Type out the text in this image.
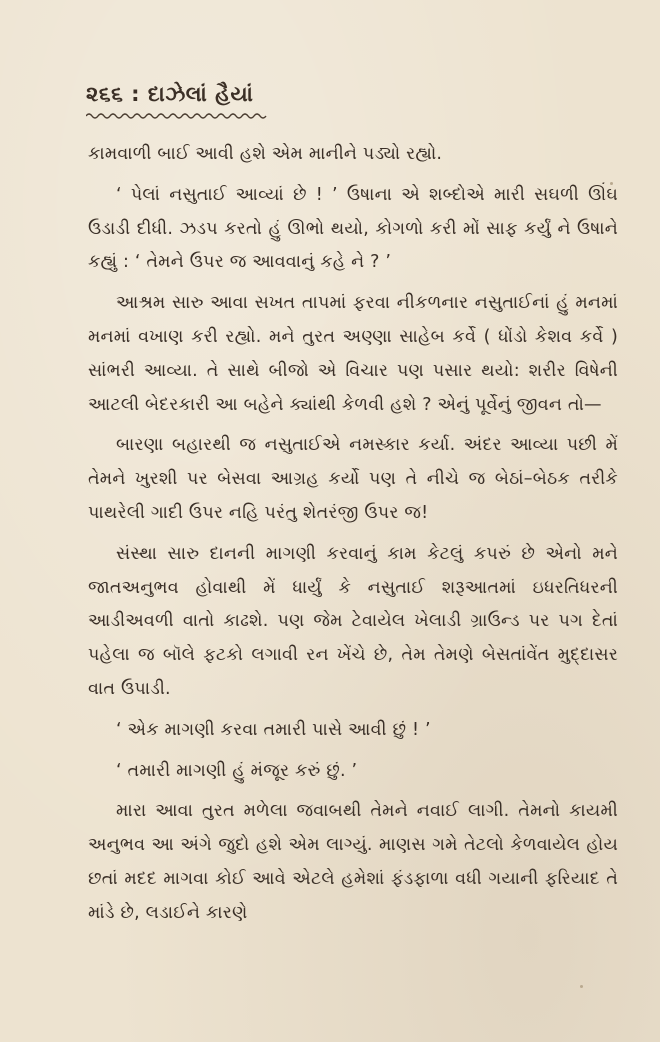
૨૬૬ : દાઝેલાં હૈયાં

કામવાળી બાઈ આવી હશે એમ માનીને પડ્યો રહ્યો.

‘ પેલાં નસુતાઈ આવ્યાં છે ! ’ ઉષાના એ શબ્દોએ મારી સઘળી ઊંઘ ઉડાડી દીધી. ઝડપ કરતો હું ઊભો થયો, કોગળો કરી મોં સાફ કર્યું ને ઉષાને કહ્યું : ‘ તેમને ઉપર જ આવવાનું કહે ને ? ’

આશ્રમ સારુ આવા સખત તાપમાં ફરવા નીકળનાર નસુતાઈનાં હું મનમાં મનમાં વખાણ કરી રહ્યો. મને તુરત અણ્ણા સાહેબ કર્વે ( ધોંડો કેશવ કર્વે ) સાંભરી આવ્યા. તે સાથે બીજો એ વિચાર પણ પસાર થયો: શરીર વિષેની આટલી બેદરકારી આ બહેને ક્યાંથી કેળવી હશે ? એનું પૂર્વેનું જીવન તો—

બારણા બહારથી જ નસુતાઈએ નમસ્કાર કર્યા. અંદર આવ્યા પછી મેં તેમને ખુરશી પર બેસવા આગ્રહ કર્યો પણ તે નીચે જ બેઠાં–બેઠક તરીકે પાથરેલી ગાદી ઉપર નહિ પરંતુ શેતરંજી ઉપર જ!

સંસ્થા સારુ દાનની માગણી કરવાનું કામ કેટલું કપરું છે એનો મને જાતઅનુભવ હોવાથી મેં ધાર્યું કે નસુતાઈ શરૂઆતમાં ઇધરતિધરની આડીઅવળી વાતો કાઢશે. પણ જેમ ટેવાયેલ ખેલાડી ગ્રાઉન્ડ પર પગ દેતાં પહેલા જ બૉલે ફટકો લગાવી રન ખેંચે છે, તેમ તેમણે બેસતાંવેંત મુદ્દાસર વાત ઉપાડી.

‘ એક માગણી કરવા તમારી પાસે આવી છું ! ’

‘ તમારી માગણી હું મંજૂર કરું છું. ’

મારા આવા તુરત મળેલા જવાબથી તેમને નવાઈ લાગી. તેમનો કાયમી અનુભવ આ અંગે જુદો હશે એમ લાગ્યું. માણસ ગમે તેટલો કેળવાયેલ હોય છતાં મદદ માગવા કોઈ આવે એટલે હમેશાં ફંડફાળા વધી ગયાની ફરિયાદ તે માંડે છે, લડાઈને કારણે
